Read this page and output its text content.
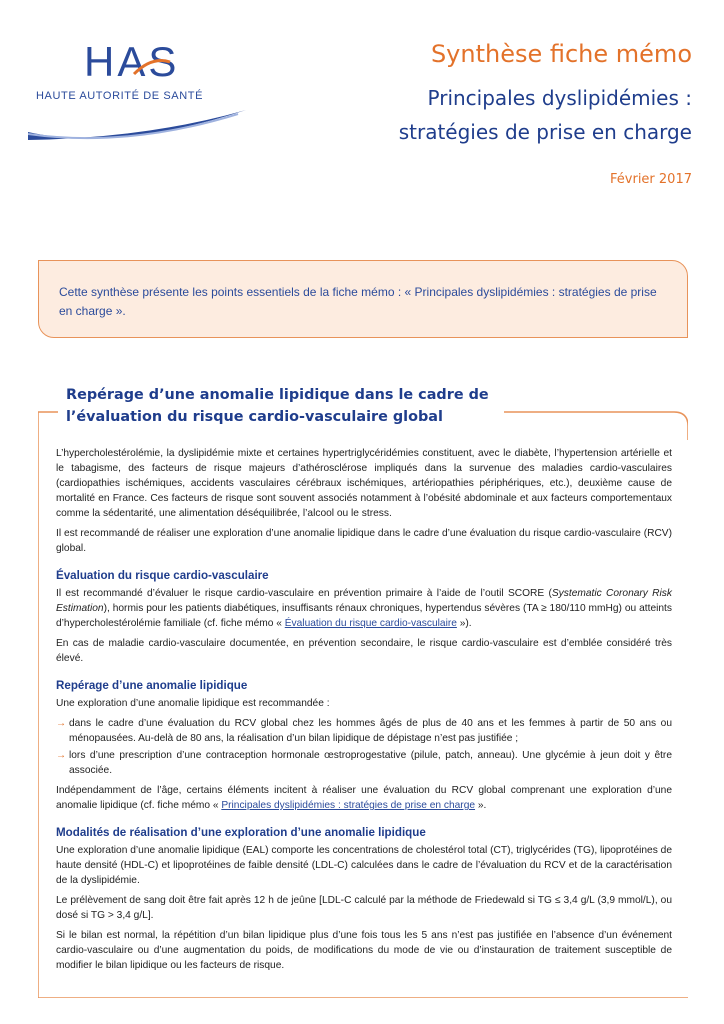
HAS
HAUTE AUTORITÉ DE SANTÉ
Synthèse fiche mémo
Principales dyslipidémies :
stratégies de prise en charge
Février 2017
Cette synthèse présente les points essentiels de la fiche mémo : « Principales dyslipidémies : stratégies de prise en charge ».
Repérage d’une anomalie lipidique dans le cadre de l’évaluation du risque cardio-vasculaire global

L’hypercholestérolémie, la dyslipidémie mixte et certaines hypertriglycéridémies constituent, avec le diabète, l’hypertension artérielle et le tabagisme, des facteurs de risque majeurs d’athérosclérose impliqués dans la survenue des maladies cardio-vasculaires (cardiopathies ischémiques, accidents vasculaires cérébraux ischémiques, artériopathies périphériques, etc.), deuxième cause de mortalité en France. Ces facteurs de risque sont souvent associés notamment à l’obésité abdominale et aux facteurs comportementaux comme la sédentarité, une alimentation déséquilibrée, l’alcool ou le stress.

Il est recommandé de réaliser une exploration d’une anomalie lipidique dans le cadre d’une évaluation du risque cardio-vasculaire (RCV) global.

Évaluation du risque cardio-vasculaire

Il est recommandé d’évaluer le risque cardio-vasculaire en prévention primaire à l’aide de l’outil SCORE (Systematic Coronary Risk Estimation), hormis pour les patients diabétiques, insuffisants rénaux chroniques, hypertendus sévères (TA ≥ 180/110 mmHg) ou atteints d’hypercholestérolémie familiale (cf. fiche mémo « Évaluation du risque cardio-vasculaire »).

En cas de maladie cardio-vasculaire documentée, en prévention secondaire, le risque cardio-vasculaire est d’emblée considéré très élevé.

Repérage d’une anomalie lipidique

Une exploration d’une anomalie lipidique est recommandée :

→ dans le cadre d’une évaluation du RCV global chez les hommes âgés de plus de 40 ans et les femmes à partir de 50 ans ou ménopausées. Au-delà de 80 ans, la réalisation d’un bilan lipidique de dépistage n’est pas justifiée ;
→ lors d’une prescription d’une contraception hormonale œstroprogestative (pilule, patch, anneau). Une glycémie à jeun doit y être associée.

Indépendamment de l’âge, certains éléments incitent à réaliser une évaluation du RCV global comprenant une exploration d’une anomalie lipidique (cf. fiche mémo « Principales dyslipidémies : stratégies de prise en charge ».

Modalités de réalisation d’une exploration d’une anomalie lipidique

Une exploration d’une anomalie lipidique (EAL) comporte les concentrations de cholestérol total (CT), triglycérides (TG), lipoprotéines de haute densité (HDL-C) et lipoprotéines de faible densité (LDL-C) calculées dans le cadre de l’évaluation du RCV et de la caractérisation de la dyslipidémie.

Le prélèvement de sang doit être fait après 12 h de jeûne [LDL-C calculé par la méthode de Friedewald si TG ≤ 3,4 g/L (3,9 mmol/L), ou dosé si TG > 3,4 g/L].

Si le bilan est normal, la répétition d’un bilan lipidique plus d’une fois tous les 5 ans n’est pas justifiée en l’absence d’un événement cardio-vasculaire ou d’une augmentation du poids, de modifications du mode de vie ou d’instauration de traitement susceptible de modifier le bilan lipidique ou les facteurs de risque.
